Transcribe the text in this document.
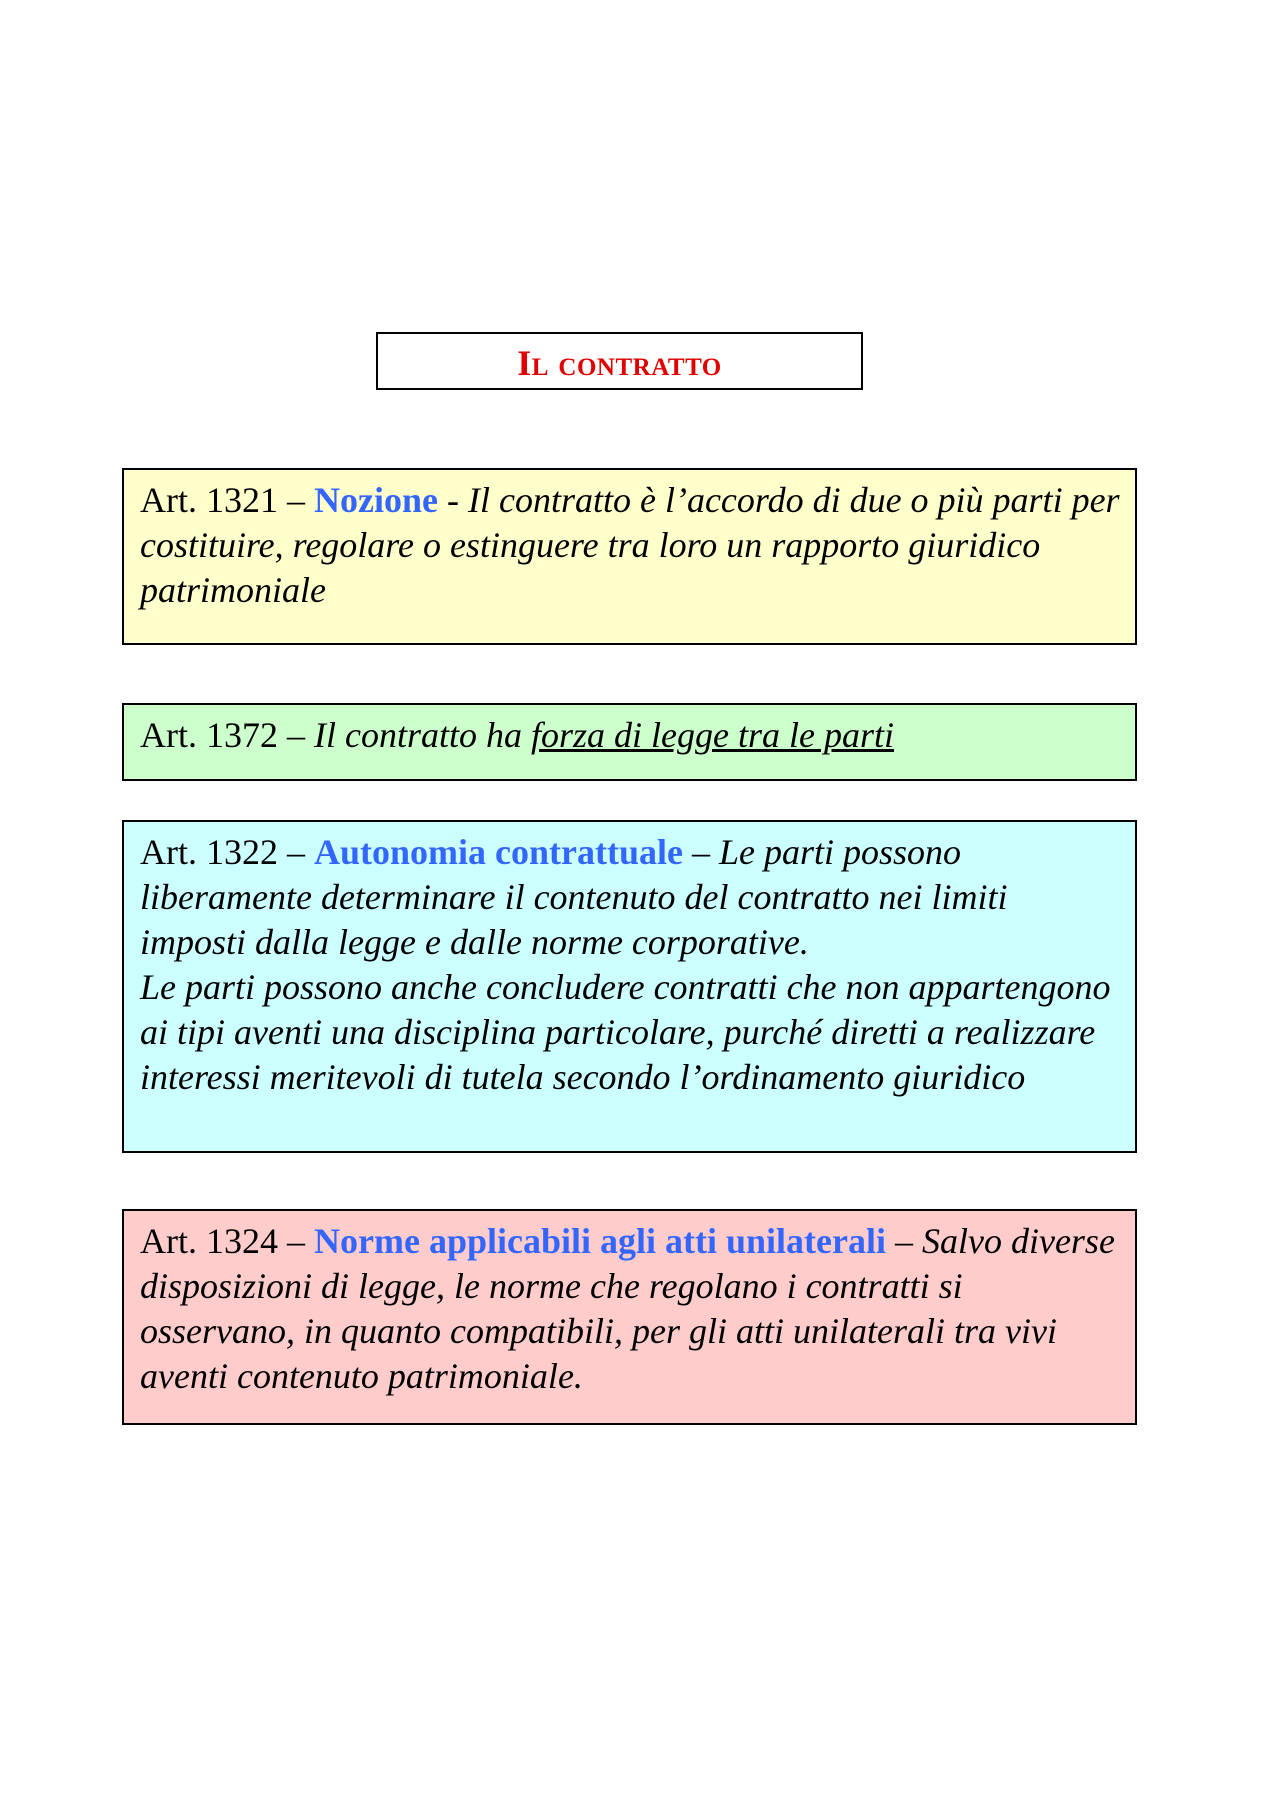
Il contratto
Art. 1321 – Nozione - Il contratto è l’accordo di due o più parti per costituire, regolare o estinguere tra loro un rapporto giuridico patrimoniale
Art. 1372 – Il contratto ha forza di legge tra le parti
Art. 1322 – Autonomia contrattuale – Le parti possono liberamente determinare il contenuto del contratto nei limiti imposti dalla legge e dalle norme corporative.
Le parti possono anche concludere contratti che non appartengono ai tipi aventi una disciplina particolare, purché diretti a realizzare interessi meritevoli di tutela secondo l’ordinamento giuridico
Art. 1324 – Norme applicabili agli atti unilaterali – Salvo diverse disposizioni di legge, le norme che regolano i contratti si osservano, in quanto compatibili, per gli atti unilaterali tra vivi aventi contenuto patrimoniale.
